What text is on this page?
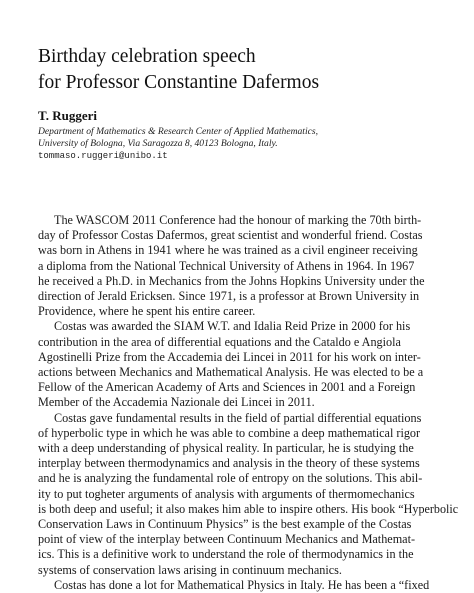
Birthday celebration speech
for Professor Constantine Dafermos

T. Ruggeri

Department of Mathematics & Research Center of Applied Mathematics,

University of Bologna, Via Saragozza 8, 40123 Bologna, Italy.

tommaso.ruggeri@unibo.it

The WASCOM 2011 Conference had the honour of marking the 70th birth-
day of Professor Costas Dafermos, great scientist and wonderful friend. Costas
was born in Athens in 1941 where he was trained as a civil engineer receiving
a diploma from the National Technical University of Athens in 1964. In 1967
he received a Ph.D. in Mechanics from the Johns Hopkins University under the
direction of Jerald Ericksen. Since 1971, is a professor at Brown University in
Providence, where he spent his entire career.

Costas was awarded the SIAM W.T. and Idalia Reid Prize in 2000 for his
contribution in the area of differential equations and the Cataldo e Angiola
Agostinelli Prize from the Accademia dei Lincei in 2011 for his work on inter-
actions between Mechanics and Mathematical Analysis. He was elected to be a
Fellow of the American Academy of Arts and Sciences in 2001 and a Foreign
Member of the Accademia Nazionale dei Lincei in 2011.

Costas gave fundamental results in the field of partial differential equations
of hyperbolic type in which he was able to combine a deep mathematical rigor
with a deep understanding of physical reality. In particular, he is studying the
interplay between thermodynamics and analysis in the theory of these systems
and he is analyzing the fundamental role of entropy on the solutions. This abil-
ity to put togheter arguments of analysis with arguments of thermomechanics
is both deep and useful; it also makes him able to inspire others. His book “Hyperbolic
Conservation Laws in Continuum Physics” is the best example of the Costas
point of view of the interplay between Continuum Mechanics and Mathemat-
ics. This is a definitive work to understand the role of thermodynamics in the
systems of conservation laws arising in continuum mechanics.

Costas has done a lot for Mathematical Physics in Italy. He has been a “fixed
